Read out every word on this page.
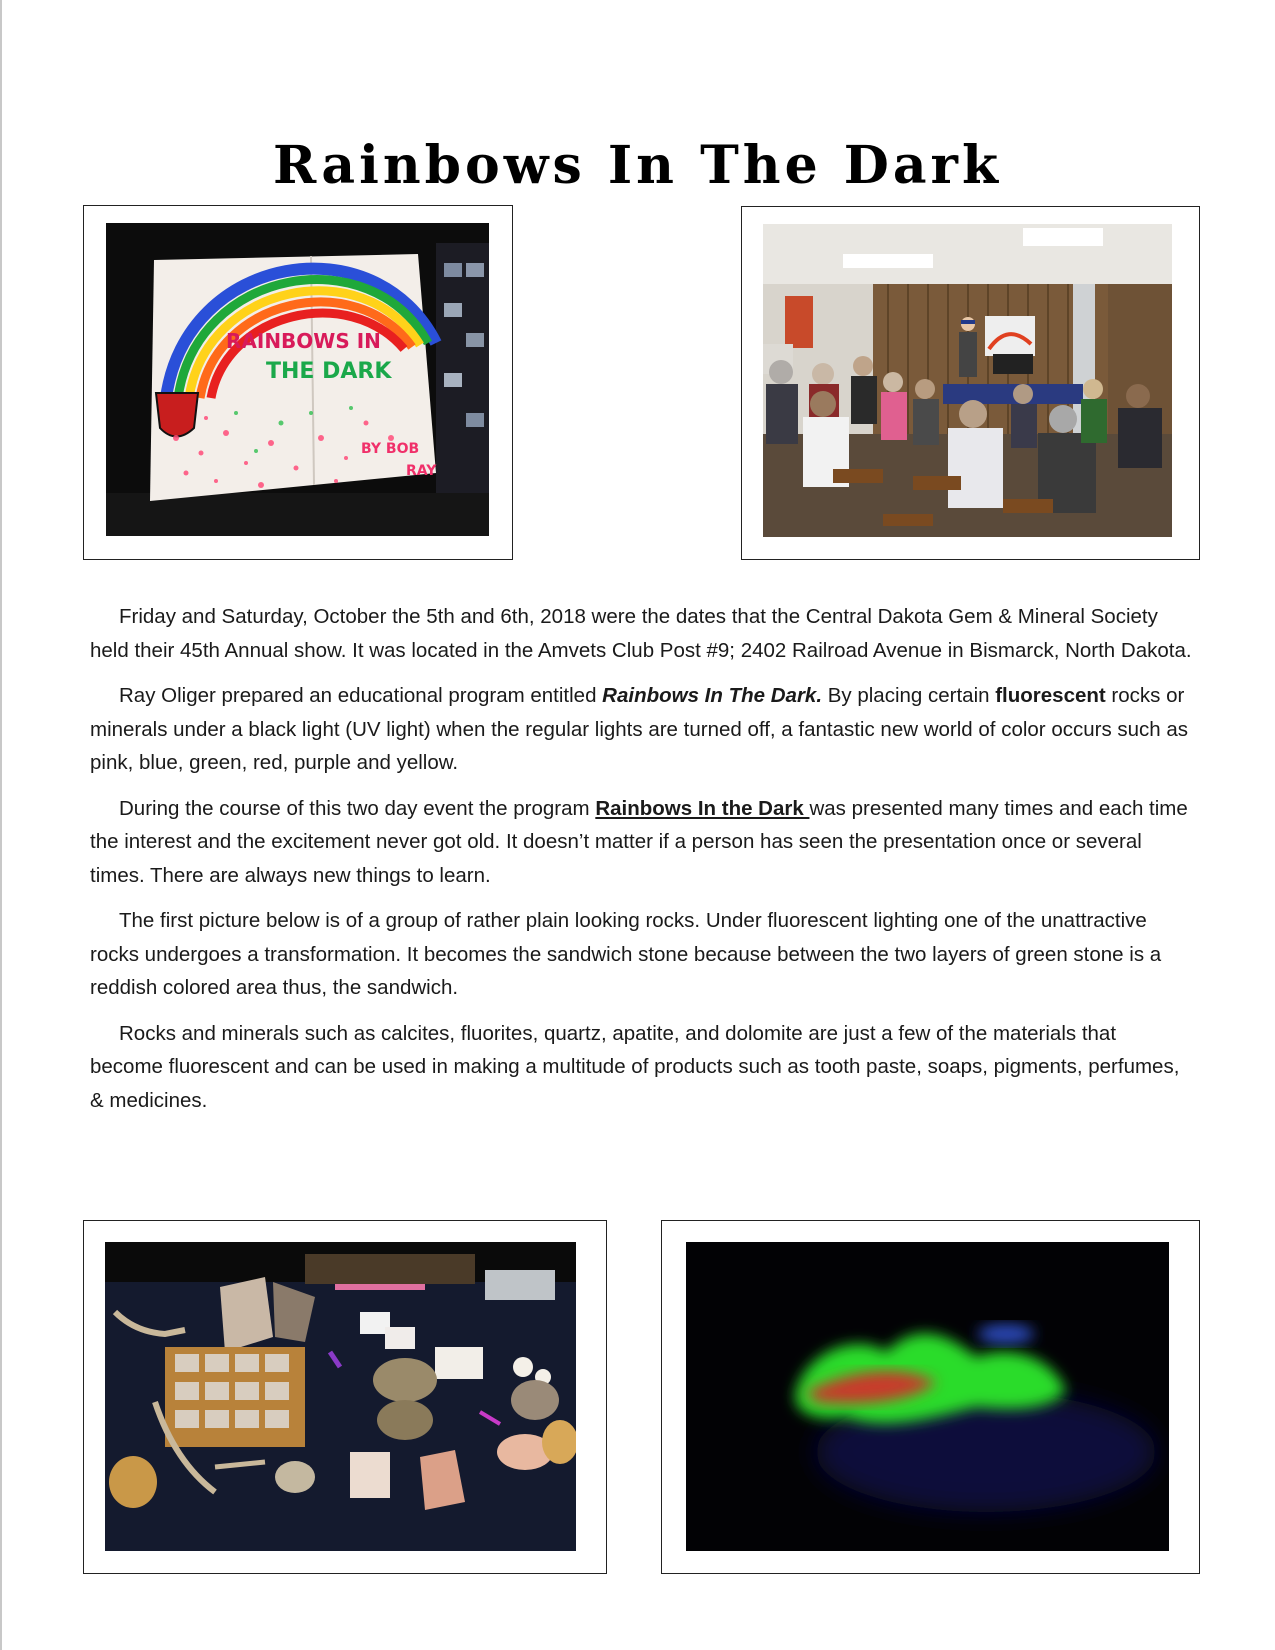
Rainbows In The Dark
RAINBOWS IN
THE DARK
BY BOB
RAY

Friday and Saturday, October the 5th and 6th, 2018 were the dates that the Central Dakota Gem & Mineral Society held their 45th Annual show. It was located in the Amvets Club Post #9; 2402 Railroad Avenue in Bismarck, North Dakota.

Ray Oliger prepared an educational program entitled Rainbows In The Dark. By placing certain fluorescent rocks or minerals under a black light (UV light) when the regular lights are turned off, a fantastic new world of color occurs such as pink, blue, green, red, purple and yellow.

During the course of this two day event the program Rainbows In the Dark was presented many times and each time the interest and the excitement never got old. It doesn’t matter if a person has seen the presentation once or several times. There are always new things to learn.

The first picture below is of a group of rather plain looking rocks. Under fluorescent lighting one of the unattractive rocks undergoes a transformation. It becomes the sandwich stone because between the two layers of green stone is a reddish colored area thus, the sandwich.

Rocks and minerals such as calcites, fluorites, quartz, apatite, and dolomite are just a few of the materials that become fluorescent and can be used in making a multitude of products such as tooth paste, soaps, pigments, perfumes, & medicines.
